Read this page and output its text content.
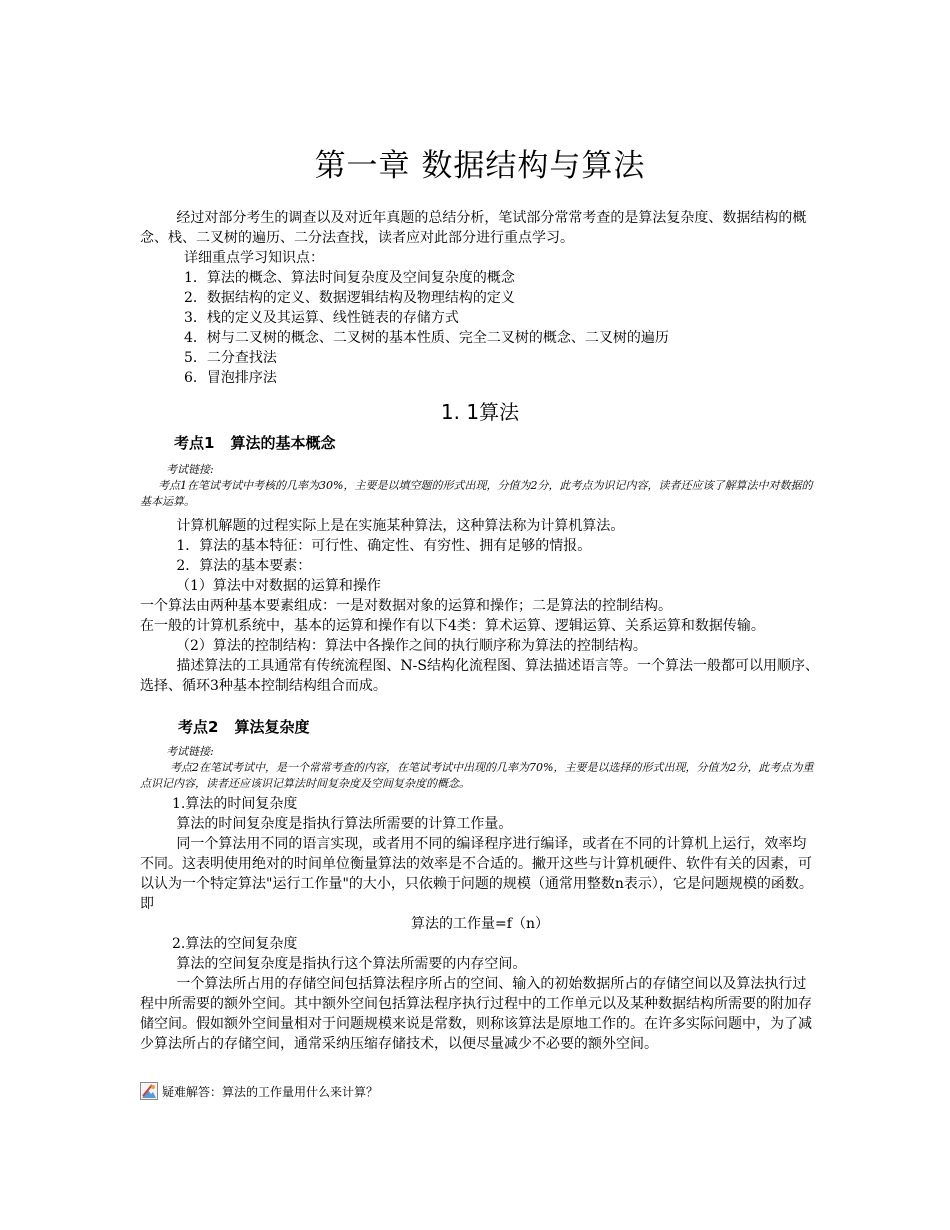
第一章 数据结构与算法

经过对部分考生的调查以及对近年真题的总结分析，笔试部分常常考查的是算法复杂度、数据结构的概念、栈、二叉树的遍历、二分法查找，读者应对此部分进行重点学习。

详细重点学习知识点：

1．算法的概念、算法时间复杂度及空间复杂度的概念

2．数据结构的定义、数据逻辑结构及物理结构的定义

3．栈的定义及其运算、线性链表的存储方式

4．树与二叉树的概念、二叉树的基本性质、完全二叉树的概念、二叉树的遍历

5．二分查找法

6．冒泡排序法

1. 1算法
考点1 算法的基本概念

考试链接:

考点1在笔试考试中考核的几率为30%，主要是以填空题的形式出现，分值为2分，此考点为识记内容，读者还应该了解算法中对数据的基本运算。

计算机解题的过程实际上是在实施某种算法，这种算法称为计算机算法。

1．算法的基本特征：可行性、确定性、有穷性、拥有足够的情报。

2．算法的基本要素：

（1）算法中对数据的运算和操作

一个算法由两种基本要素组成：一是对数据对象的运算和操作；二是算法的控制结构。

在一般的计算机系统中，基本的运算和操作有以下4类：算术运算、逻辑运算、关系运算和数据传输。

（2）算法的控制结构：算法中各操作之间的执行顺序称为算法的控制结构。

描述算法的工具通常有传统流程图、N-S结构化流程图、算法描述语言等。一个算法一般都可以用顺序、选择、循环3种基本控制结构组合而成。

考点2 算法复杂度

考试链接:

考点2在笔试考试中，是一个常常考查的内容，在笔试考试中出现的几率为70%，主要是以选择的形式出现，分值为2分，此考点为重点识记内容，读者还应该识记算法时间复杂度及空间复杂度的概念。

1.算法的时间复杂度

算法的时间复杂度是指执行算法所需要的计算工作量。

同一个算法用不同的语言实现，或者用不同的编译程序进行编译，或者在不同的计算机上运行，效率均不同。这表明使用绝对的时间单位衡量算法的效率是不合适的。撇开这些与计算机硬件、软件有关的因素，可以认为一个特定算法"运行工作量"的大小，只依赖于问题的规模（通常用整数n表示），它是问题规模的函数。即

算法的工作量=f（n）

2.算法的空间复杂度

算法的空间复杂度是指执行这个算法所需要的内存空间。

一个算法所占用的存储空间包括算法程序所占的空间、输入的初始数据所占的存储空间以及算法执行过程中所需要的额外空间。其中额外空间包括算法程序执行过程中的工作单元以及某种数据结构所需要的附加存储空间。假如额外空间量相对于问题规模来说是常数，则称该算法是原地工作的。在许多实际问题中，为了减少算法所占的存储空间，通常采纳压缩存储技术，以便尽量减少不必要的额外空间。

疑难解答：算法的工作量用什么来计算？
